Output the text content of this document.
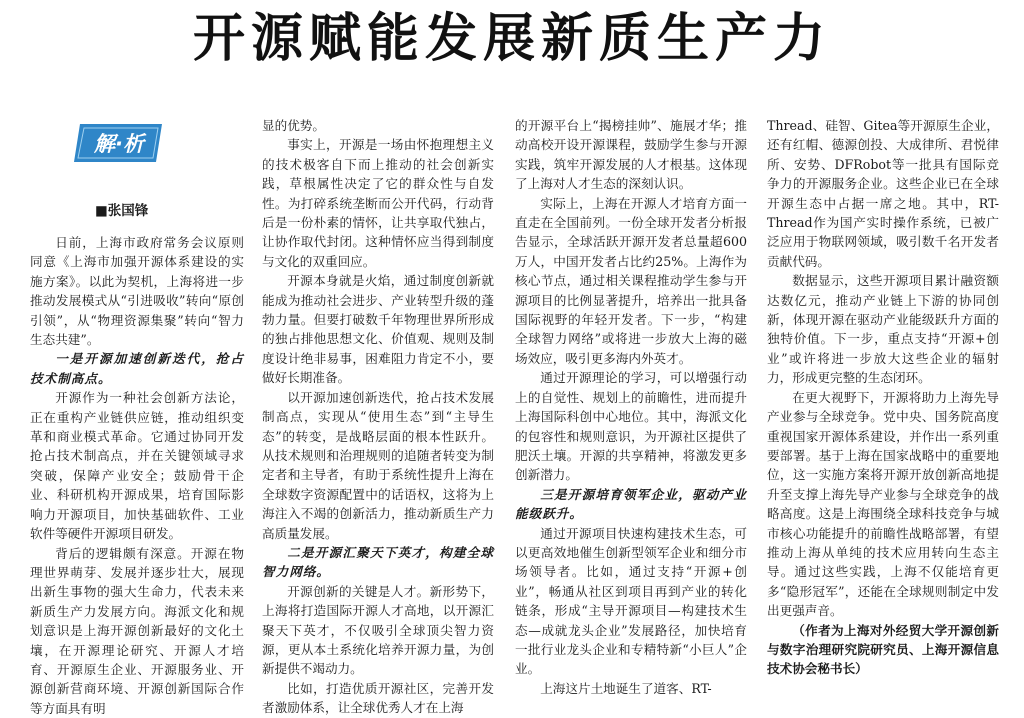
开源赋能发展新质生产力
解·析
■张国锋

日前，上海市政府常务会议原则同意《上海市加强开源体系建设的实施方案》。以此为契机，上海将进一步推动发展模式从“引进吸收”转向“原创引领”，从“物理资源集聚”转向“智力生态共建”。

一是开源加速创新迭代，抢占技术制高点。

开源作为一种社会创新方法论，正在重构产业链供应链，推动组织变革和商业模式革命。它通过协同开发抢占技术制高点，并在关键领域寻求突破，保障产业安全；鼓励骨干企业、科研机构开源成果，培育国际影响力开源项目，加快基础软件、工业软件等硬件开源项目研发。

背后的逻辑颇有深意。开源在物理世界萌芽、发展并逐步壮大，展现出新生事物的强大生命力，代表未来新质生产力发展方向。海派文化和规划意识是上海开源创新最好的文化土壤，在开源理论研究、开源人才培育、开源原生企业、开源服务业、开源创新营商环境、开源创新国际合作等方面具有明

显的优势。

事实上，开源是一场由怀抱理想主义的技术极客自下而上推动的社会创新实践，草根属性决定了它的群众性与自发性。为打碎系统垄断而公开代码，行动背后是一份朴素的情怀，让共享取代独占，让协作取代封闭。这种情怀应当得到制度与文化的双重回应。

开源本身就是火焰，通过制度创新就能成为推动社会进步、产业转型升级的蓬勃力量。但要打破数千年物理世界所形成的独占排他思想文化、价值观、规则及制度设计绝非易事，困难阻力肯定不小，要做好长期准备。

以开源加速创新迭代，抢占技术发展制高点，实现从“使用生态”到“主导生态”的转变，是战略层面的根本性跃升。从技术规则和治理规则的追随者转变为制定者和主导者，有助于系统性提升上海在全球数字资源配置中的话语权，这将为上海注入不竭的创新活力，推动新质生产力高质量发展。

二是开源汇聚天下英才，构建全球智力网络。

开源创新的关键是人才。新形势下，上海将打造国际开源人才高地，以开源汇聚天下英才，不仅吸引全球顶尖智力资源，更从本土系统化培养开源力量，为创新提供不竭动力。

比如，打造优质开源社区，完善开发者激励体系，让全球优秀人才在上海

的开源平台上“揭榜挂帅”、施展才华；推动高校开设开源课程，鼓励学生参与开源实践，筑牢开源发展的人才根基。这体现了上海对人才生态的深刻认识。

实际上，上海在开源人才培育方面一直走在全国前列。一份全球开发者分析报告显示，全球活跃开源开发者总量超600万人，中国开发者占比约25%。上海作为核心节点，通过相关课程推动学生参与开源项目的比例显著提升，培养出一批具备国际视野的年轻开发者。下一步，“构建全球智力网络”或将进一步放大上海的磁场效应，吸引更多海内外英才。

通过开源理论的学习，可以增强行动上的自觉性、规划上的前瞻性，进而提升上海国际科创中心地位。其中，海派文化的包容性和规则意识，为开源社区提供了肥沃土壤。开源的共享精神，将激发更多创新潜力。

三是开源培育领军企业，驱动产业能级跃升。

通过开源项目快速构建技术生态，可以更高效地催生创新型领军企业和细分市场领导者。比如，通过支持“开源+创业”，畅通从社区到项目再到产业的转化链条，形成“主导开源项目—构建技术生态—成就龙头企业”发展路径，加快培育一批行业龙头企业和专精特新“小巨人”企业。

上海这片土地诞生了道客、RT-

Thread、硅智、Gitea等开源原生企业，还有红帽、德源创投、大成律所、君悦律所、安势、DFRobot等一批具有国际竞争力的开源服务企业。这些企业已在全球开源生态中占据一席之地。其中，RT-Thread作为国产实时操作系统，已被广泛应用于物联网领域，吸引数千名开发者贡献代码。

数据显示，这些开源项目累计融资额达数亿元，推动产业链上下游的协同创新，体现开源在驱动产业能级跃升方面的独特价值。下一步，重点支持“开源+创业”或许将进一步放大这些企业的辐射力，形成更完整的生态闭环。

在更大视野下，开源将助力上海先导产业参与全球竞争。党中央、国务院高度重视国家开源体系建设，并作出一系列重要部署。基于上海在国家战略中的重要地位，这一实施方案将开源开放创新高地提升至支撑上海先导产业参与全球竞争的战略高度。这是上海围绕全球科技竞争与城市核心功能提升的前瞻性战略部署，有望推动上海从单纯的技术应用转向生态主导。通过这些实践，上海不仅能培育更多“隐形冠军”，还能在全球规则制定中发出更强声音。

（作者为上海对外经贸大学开源创新与数字治理研究院研究员、上海开源信息技术协会秘书长）
